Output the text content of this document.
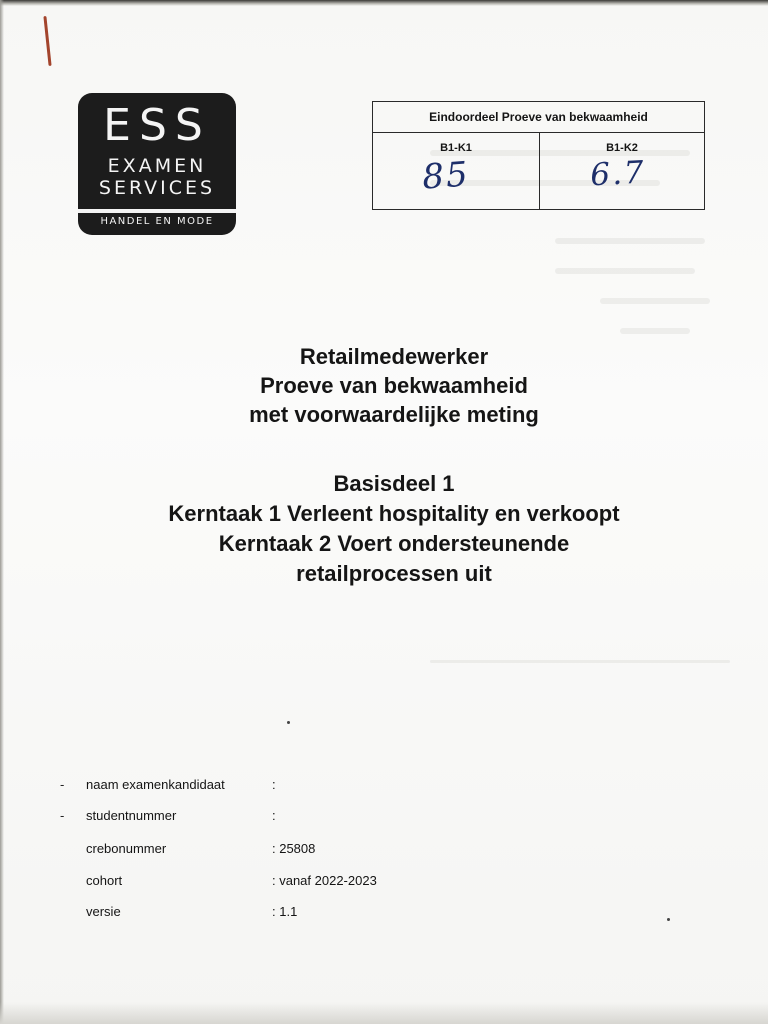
ESS
EXAMEN
SERVICES
HANDEL EN MODE
Eindoordeel Proeve van bekwaamheid
B1-K1
85
B1-K2
6.7
Retailmedewerker
Proeve van bekwaamheid
met voorwaardelijke meting
Basisdeel 1
Kerntaak 1 Verleent hospitality en verkoopt
Kerntaak 2 Voert ondersteunende
retailprocessen uit
- naam examenkandidaat	:
- studentnummer	:
crebonummer	: 25808
cohort	: vanaf 2022-2023
versie	: 1.1
